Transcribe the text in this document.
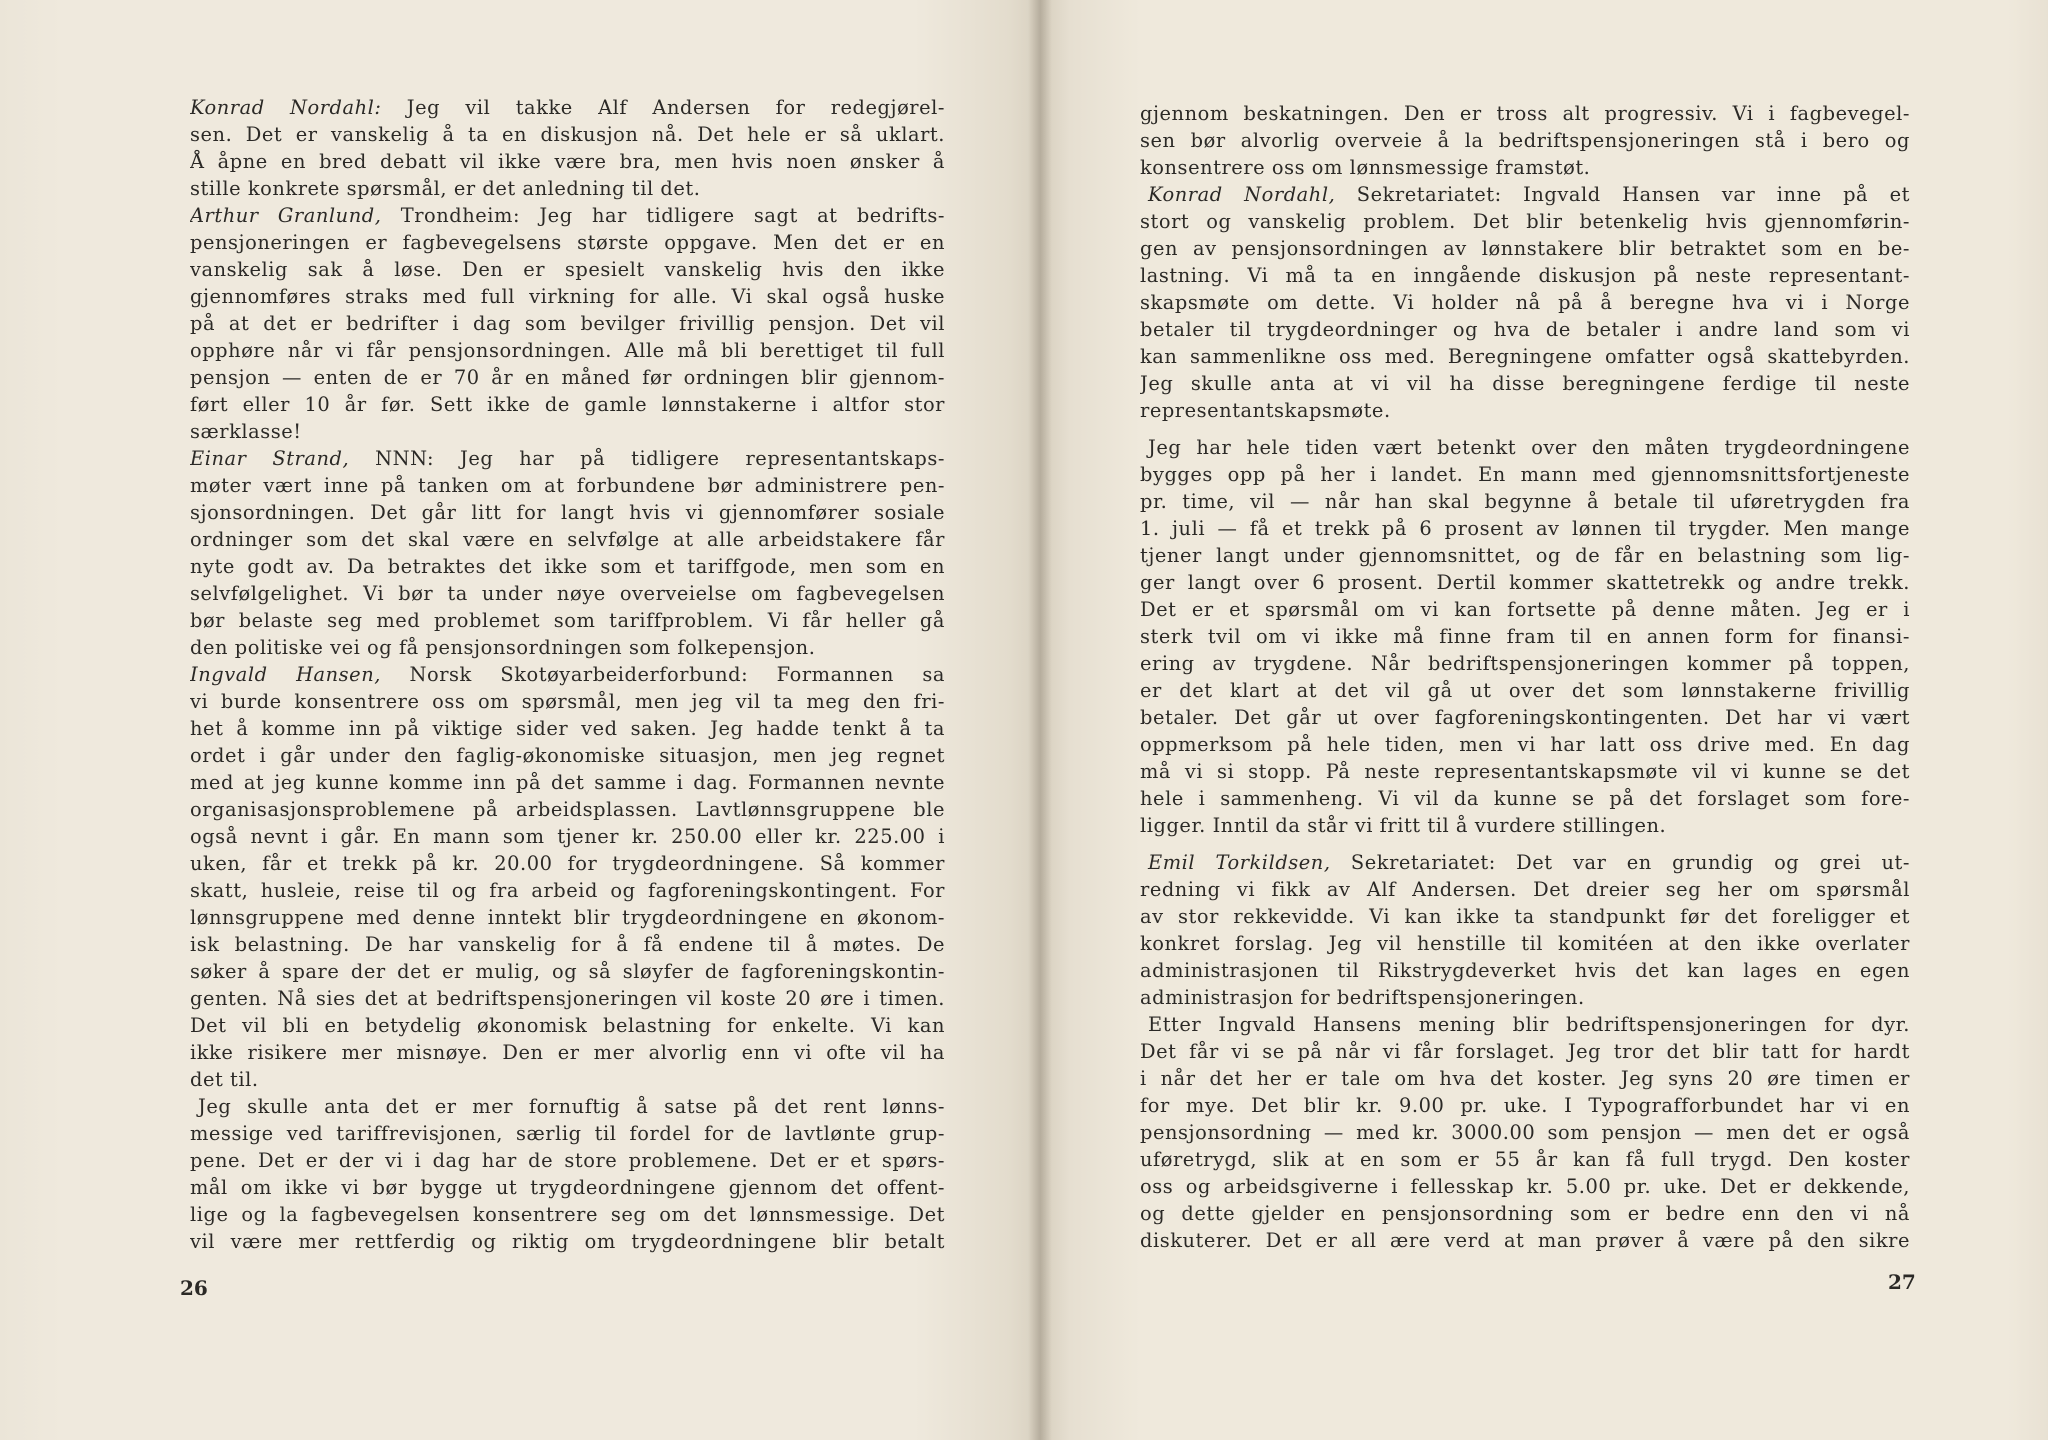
Konrad Nordahl: Jeg vil takke Alf Andersen for redegjørel-
sen. Det er vanskelig å ta en diskusjon nå. Det hele er så uklart.
Å åpne en bred debatt vil ikke være bra, men hvis noen ønsker å
stille konkrete spørsmål, er det anledning til det.
Arthur Granlund, Trondheim: Jeg har tidligere sagt at bedrifts-
pensjoneringen er fagbevegelsens største oppgave. Men det er en
vanskelig sak å løse. Den er spesielt vanskelig hvis den ikke
gjennomføres straks med full virkning for alle. Vi skal også huske
på at det er bedrifter i dag som bevilger frivillig pensjon. Det vil
opphøre når vi får pensjonsordningen. Alle må bli berettiget til full
pensjon — enten de er 70 år en måned før ordningen blir gjennom-
ført eller 10 år før. Sett ikke de gamle lønnstakerne i altfor stor
særklasse!
Einar Strand, NNN: Jeg har på tidligere representantskaps-
møter vært inne på tanken om at forbundene bør administrere pen-
sjonsordningen. Det går litt for langt hvis vi gjennomfører sosiale
ordninger som det skal være en selvfølge at alle arbeidstakere får
nyte godt av. Da betraktes det ikke som et tariffgode, men som en
selvfølgelighet. Vi bør ta under nøye overveielse om fagbevegelsen
bør belaste seg med problemet som tariffproblem. Vi får heller gå
den politiske vei og få pensjonsordningen som folkepensjon.
Ingvald Hansen, Norsk Skotøyarbeiderforbund: Formannen sa
vi burde konsentrere oss om spørsmål, men jeg vil ta meg den fri-
het å komme inn på viktige sider ved saken. Jeg hadde tenkt å ta
ordet i går under den faglig-økonomiske situasjon, men jeg regnet
med at jeg kunne komme inn på det samme i dag. Formannen nevnte
organisasjonsproblemene på arbeidsplassen. Lavtlønnsgruppene ble
også nevnt i går. En mann som tjener kr. 250.00 eller kr. 225.00 i
uken, får et trekk på kr. 20.00 for trygdeordningene. Så kommer
skatt, husleie, reise til og fra arbeid og fagforeningskontingent. For
lønnsgruppene med denne inntekt blir trygdeordningene en økonom-
isk belastning. De har vanskelig for å få endene til å møtes. De
søker å spare der det er mulig, og så sløyfer de fagforeningskontin-
genten. Nå sies det at bedriftspensjoneringen vil koste 20 øre i timen.
Det vil bli en betydelig økonomisk belastning for enkelte. Vi kan
ikke risikere mer misnøye. Den er mer alvorlig enn vi ofte vil ha
det til.
Jeg skulle anta det er mer fornuftig å satse på det rent lønns-
messige ved tariffrevisjonen, særlig til fordel for de lavtlønte grup-
pene. Det er der vi i dag har de store problemene. Det er et spørs-
mål om ikke vi bør bygge ut trygdeordningene gjennom det offent-
lige og la fagbevegelsen konsentrere seg om det lønnsmessige. Det
vil være mer rettferdig og riktig om trygdeordningene blir betalt
26
gjennom beskatningen. Den er tross alt progressiv. Vi i fagbevegel-
sen bør alvorlig overveie å la bedriftspensjoneringen stå i bero og
konsentrere oss om lønnsmessige framstøt.
Konrad Nordahl, Sekretariatet: Ingvald Hansen var inne på et
stort og vanskelig problem. Det blir betenkelig hvis gjennomførin-
gen av pensjonsordningen av lønnstakere blir betraktet som en be-
lastning. Vi må ta en inngående diskusjon på neste representant-
skapsmøte om dette. Vi holder nå på å beregne hva vi i Norge
betaler til trygdeordninger og hva de betaler i andre land som vi
kan sammenlikne oss med. Beregningene omfatter også skattebyrden.
Jeg skulle anta at vi vil ha disse beregningene ferdige til neste
representantskapsmøte.
Jeg har hele tiden vært betenkt over den måten trygdeordningene
bygges opp på her i landet. En mann med gjennomsnittsfortjeneste
pr. time, vil — når han skal begynne å betale til uføretrygden fra
1. juli — få et trekk på 6 prosent av lønnen til trygder. Men mange
tjener langt under gjennomsnittet, og de får en belastning som lig-
ger langt over 6 prosent. Dertil kommer skattetrekk og andre trekk.
Det er et spørsmål om vi kan fortsette på denne måten. Jeg er i
sterk tvil om vi ikke må finne fram til en annen form for finansi-
ering av trygdene. Når bedriftspensjoneringen kommer på toppen,
er det klart at det vil gå ut over det som lønnstakerne frivillig
betaler. Det går ut over fagforeningskontingenten. Det har vi vært
oppmerksom på hele tiden, men vi har latt oss drive med. En dag
må vi si stopp. På neste representantskapsmøte vil vi kunne se det
hele i sammenheng. Vi vil da kunne se på det forslaget som fore-
ligger. Inntil da står vi fritt til å vurdere stillingen.
Emil Torkildsen, Sekretariatet: Det var en grundig og grei ut-
redning vi fikk av Alf Andersen. Det dreier seg her om spørsmål
av stor rekkevidde. Vi kan ikke ta standpunkt før det foreligger et
konkret forslag. Jeg vil henstille til komitéen at den ikke overlater
administrasjonen til Rikstrygdeverket hvis det kan lages en egen
administrasjon for bedriftspensjoneringen.
Etter Ingvald Hansens mening blir bedriftspensjoneringen for dyr.
Det får vi se på når vi får forslaget. Jeg tror det blir tatt for hardt
i når det her er tale om hva det koster. Jeg syns 20 øre timen er
for mye. Det blir kr. 9.00 pr. uke. I Typografforbundet har vi en
pensjonsordning — med kr. 3000.00 som pensjon — men det er også
uføretrygd, slik at en som er 55 år kan få full trygd. Den koster
oss og arbeidsgiverne i fellesskap kr. 5.00 pr. uke. Det er dekkende,
og dette gjelder en pensjonsordning som er bedre enn den vi nå
diskuterer. Det er all ære verd at man prøver å være på den sikre
27
